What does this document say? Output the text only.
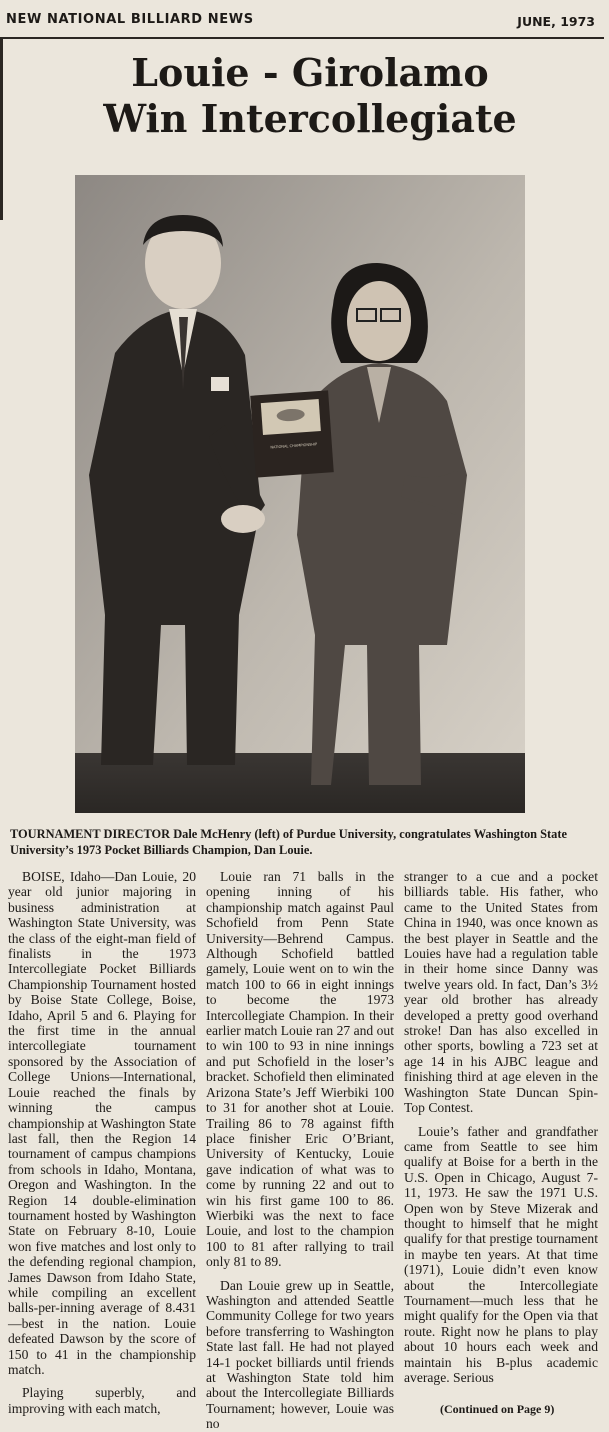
NEW NATIONAL BILLIARD NEWS	JUNE, 1973
Louie - Girolamo
Win Intercollegiate
NATIONAL CHAMPIONSHIP
TOURNAMENT DIRECTOR Dale McHenry (left) of Purdue University, congratulates Washington State University’s 1973 Pocket Billiards Champion, Dan Louie.

BOISE, Idaho—Dan Louie, 20 year old junior majoring in business administration at Washington State University, was the class of the eight-man field of finalists in the 1973 Intercollegiate Pocket Billiards Championship Tournament hosted by Boise State College, Boise, Idaho, April 5 and 6. Playing for the first time in the annual intercollegiate tournament sponsored by the Association of College Unions—International, Louie reached the finals by winning the campus championship at Washington State last fall, then the Region 14 tournament of campus champions from schools in Idaho, Montana, Oregon and Washington. In the Region 14 double-elimination tournament hosted by Washington State on February 8-10, Louie won five matches and lost only to the defending regional champion, James Dawson from Idaho State, while compiling an excellent balls-per-inning average of 8.431—best in the nation. Louie defeated Dawson by the score of 150 to 41 in the championship match.

Playing superbly, and improving with each match,

Louie ran 71 balls in the opening inning of his championship match against Paul Schofield from Penn State University—Behrend Campus. Although Schofield battled gamely, Louie went on to win the match 100 to 66 in eight innings to become the 1973 Intercollegiate Champion. In their earlier match Louie ran 27 and out to win 100 to 93 in nine innings and put Schofield in the loser’s bracket. Schofield then eliminated Arizona State’s Jeff Wierbiki 100 to 31 for another shot at Louie. Trailing 86 to 78 against fifth place finisher Eric O’Briant, University of Kentucky, Louie gave indication of what was to come by running 22 and out to win his first game 100 to 86. Wierbiki was the next to face Louie, and lost to the champion 100 to 81 after rallying to trail only 81 to 89.

Dan Louie grew up in Seattle, Washington and attended Seattle Community College for two years before transferring to Washington State last fall. He had not played 14-1 pocket billiards until friends at Washington State told him about the Intercollegiate Billiards Tournament; however, Louie was no

stranger to a cue and a pocket billiards table. His father, who came to the United States from China in 1940, was once known as the best player in Seattle and the Louies have had a regulation table in their home since Danny was twelve years old. In fact, Dan’s 3½ year old brother has already developed a pretty good overhand stroke! Dan has also excelled in other sports, bowling a 723 set at age 14 in his AJBC league and finishing third at age eleven in the Washington State Duncan Spin-Top Contest.

Louie’s father and grandfather came from Seattle to see him qualify at Boise for a berth in the U.S. Open in Chicago, August 7-11, 1973. He saw the 1971 U.S. Open won by Steve Mizerak and thought to himself that he might qualify for that prestige tournament in maybe ten years. At that time (1971), Louie didn’t even know about the Intercollegiate Tournament—much less that he might qualify for the Open via that route. Right now he plans to play about 10 hours each week and maintain his B-plus academic average. Serious

(Continued on Page 9)
